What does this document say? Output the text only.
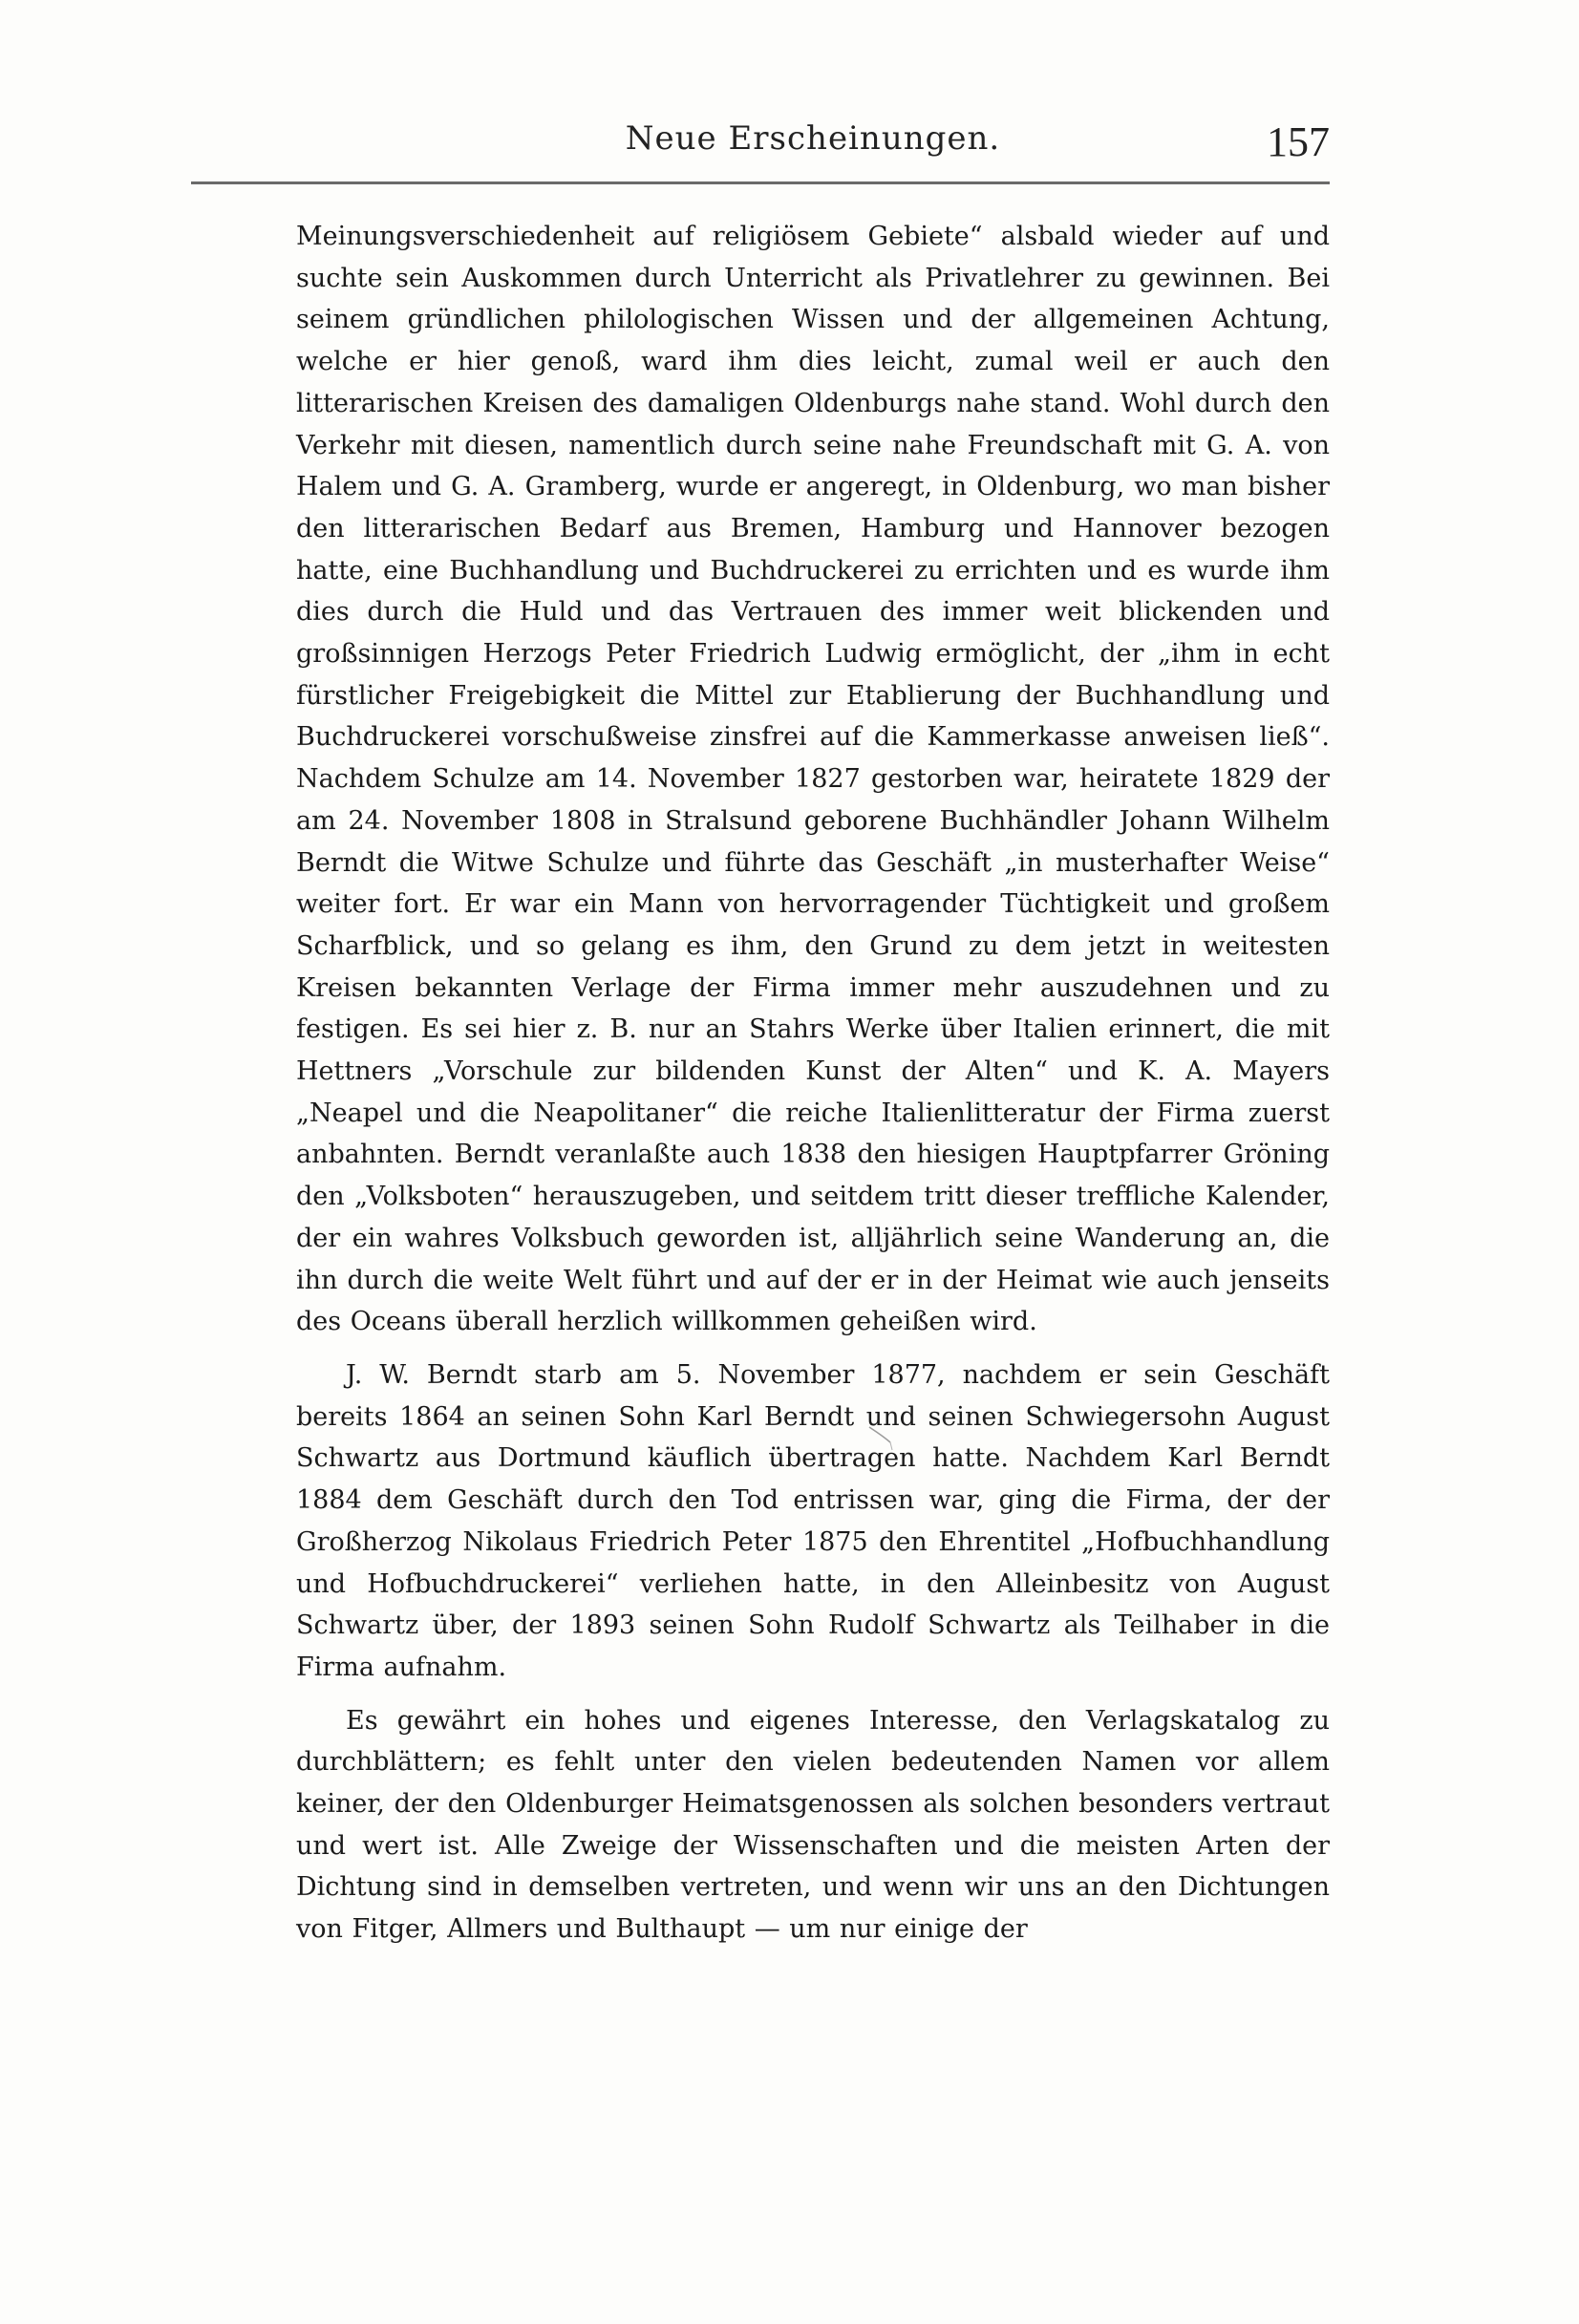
Neue Erscheinungen.	157

Meinungsverschiedenheit auf religiösem Gebiete“ alsbald wieder auf und suchte sein Auskommen durch Unterricht als Privatlehrer zu gewinnen. Bei seinem gründlichen philologischen Wissen und der allgemeinen Achtung, welche er hier genoß, ward ihm dies leicht, zumal weil er auch den litterarischen Kreisen des damaligen Oldenburgs nahe stand. Wohl durch den Verkehr mit diesen, namentlich durch seine nahe Freundschaft mit G. A. von Halem und G. A. Gramberg, wurde er angeregt, in Oldenburg, wo man bisher den litterarischen Bedarf aus Bremen, Hamburg und Hannover bezogen hatte, eine Buchhandlung und Buchdruckerei zu errichten und es wurde ihm dies durch die Huld und das Vertrauen des immer weit blickenden und großsinnigen Herzogs Peter Friedrich Ludwig ermöglicht, der „ihm in echt fürstlicher Freigebigkeit die Mittel zur Etablierung der Buchhandlung und Buchdruckerei vorschußweise zinsfrei auf die Kammerkasse anweisen ließ“. Nachdem Schulze am 14. November 1827 gestorben war, heiratete 1829 der am 24. November 1808 in Stralsund geborene Buchhändler Johann Wilhelm Berndt die Witwe Schulze und führte das Geschäft „in musterhafter Weise“ weiter fort. Er war ein Mann von hervorragender Tüchtigkeit und großem Scharfblick, und so gelang es ihm, den Grund zu dem jetzt in weitesten Kreisen bekannten Verlage der Firma immer mehr auszudehnen und zu festigen. Es sei hier z. B. nur an Stahrs Werke über Italien erinnert, die mit Hettners „Vorschule zur bildenden Kunst der Alten“ und K. A. Mayers „Neapel und die Neapolitaner“ die reiche Italienlitteratur der Firma zuerst anbahnten. Berndt veranlaßte auch 1838 den hiesigen Hauptpfarrer Gröning den „Volksboten“ herauszugeben, und seitdem tritt dieser treffliche Kalender, der ein wahres Volksbuch geworden ist, alljährlich seine Wanderung an, die ihn durch die weite Welt führt und auf der er in der Heimat wie auch jenseits des Oceans überall herzlich willkommen geheißen wird.

J. W. Berndt starb am 5. November 1877, nachdem er sein Geschäft bereits 1864 an seinen Sohn Karl Berndt und seinen Schwiegersohn August Schwartz aus Dortmund käuflich übertragen hatte. Nachdem Karl Berndt 1884 dem Geschäft durch den Tod entrissen war, ging die Firma, der der Großherzog Nikolaus Friedrich Peter 1875 den Ehrentitel „Hofbuchhandlung und Hofbuchdruckerei“ verliehen hatte, in den Alleinbesitz von August Schwartz über, der 1893 seinen Sohn Rudolf Schwartz als Teilhaber in die Firma aufnahm.

Es gewährt ein hohes und eigenes Interesse, den Verlagskatalog zu durchblättern; es fehlt unter den vielen bedeutenden Namen vor allem keiner, der den Oldenburger Heimatsgenossen als solchen besonders vertraut und wert ist. Alle Zweige der Wissenschaften und die meisten Arten der Dichtung sind in demselben vertreten, und wenn wir uns an den Dichtungen von Fitger, Allmers und Bulthaupt — um nur einige der
